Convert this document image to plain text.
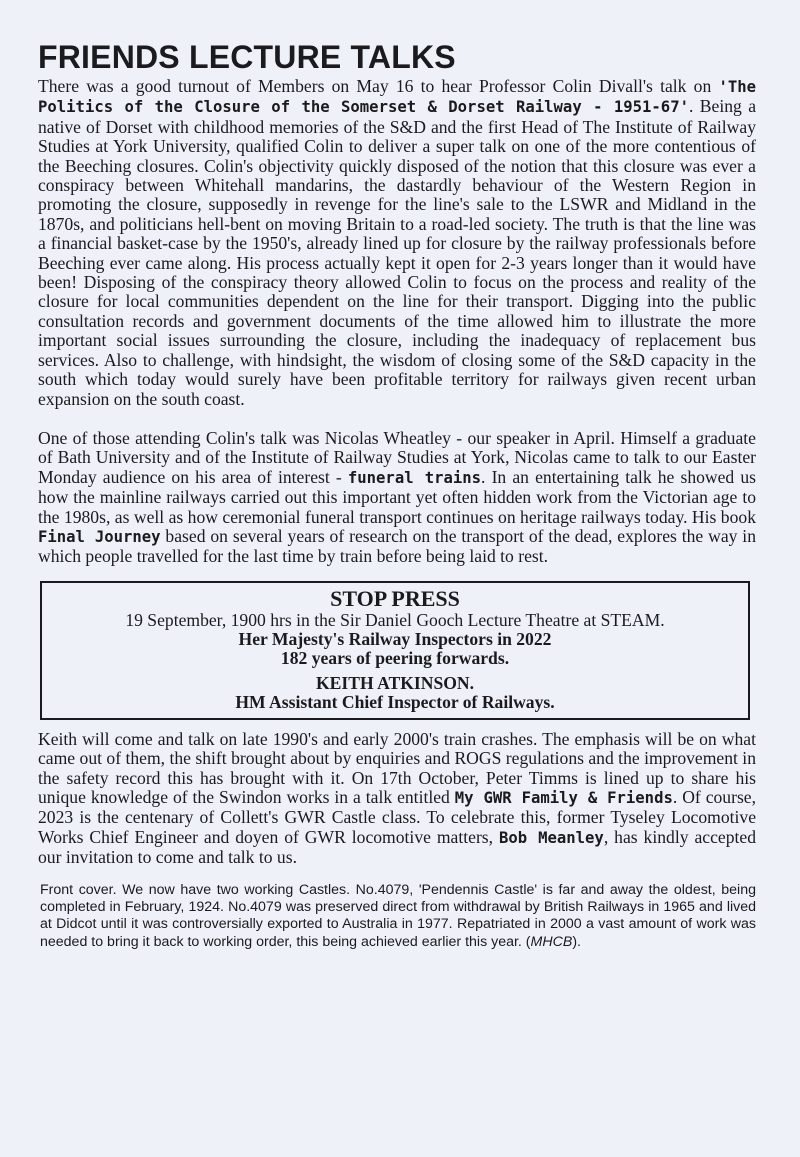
FRIENDS LECTURE TALKS

There was a good turnout of Members on May 16 to hear Professor Colin Divall's talk on 'The Politics of the Closure of the Somerset & Dorset Railway - 1951-67'. Being a native of Dorset with childhood memories of the S&D and the first Head of The Institute of Railway Studies at York University, qualified Colin to deliver a super talk on one of the more contentious of the Beeching closures. Colin's objectivity quickly disposed of the notion that this closure was ever a conspiracy between Whitehall mandarins, the dastardly behaviour of the Western Region in promoting the closure, supposedly in revenge for the line's sale to the LSWR and Midland in the 1870s, and politicians hell-bent on moving Britain to a road-led society. The truth is that the line was a financial basket-case by the 1950's, already lined up for closure by the railway professionals before Beeching ever came along. His process actually kept it open for 2-3 years longer than it would have been! Disposing of the conspiracy theory allowed Colin to focus on the process and reality of the closure for local communities dependent on the line for their transport. Digging into the public consultation records and government documents of the time allowed him to illustrate the more important social issues surrounding the closure, including the inadequacy of replacement bus services. Also to challenge, with hindsight, the wisdom of closing some of the S&D capacity in the south which today would surely have been profitable territory for railways given recent urban expansion on the south coast.

One of those attending Colin's talk was Nicolas Wheatley - our speaker in April. Himself a graduate of Bath University and of the Institute of Railway Studies at York, Nicolas came to talk to our Easter Monday audience on his area of interest - funeral trains. In an entertaining talk he showed us how the mainline railways carried out this important yet often hidden work from the Victorian age to the 1980s, as well as how ceremonial funeral transport continues on heritage railways today. His book Final Journey based on several years of research on the transport of the dead, explores the way in which people travelled for the last time by train before being laid to rest.

STOP PRESS
19 September, 1900 hrs in the Sir Daniel Gooch Lecture Theatre at STEAM.
Her Majesty's Railway Inspectors in 2022
182 years of peering forwards.
KEITH ATKINSON.
HM Assistant Chief Inspector of Railways.

Keith will come and talk on late 1990's and early 2000's train crashes. The emphasis will be on what came out of them, the shift brought about by enquiries and ROGS regulations and the improvement in the safety record this has brought with it. On 17th October, Peter Timms is lined up to share his unique knowledge of the Swindon works in a talk entitled My GWR Family & Friends. Of course, 2023 is the centenary of Collett's GWR Castle class. To celebrate this, former Tyseley Locomotive Works Chief Engineer and doyen of GWR locomotive matters, Bob Meanley, has kindly accepted our invitation to come and talk to us.

Front cover. We now have two working Castles. No.4079, 'Pendennis Castle' is far and away the oldest, being completed in February, 1924. No.4079 was preserved direct from withdrawal by British Railways in 1965 and lived at Didcot until it was controversially exported to Australia in 1977. Repatriated in 2000 a vast amount of work was needed to bring it back to working order, this being achieved earlier this year. (MHCB).
